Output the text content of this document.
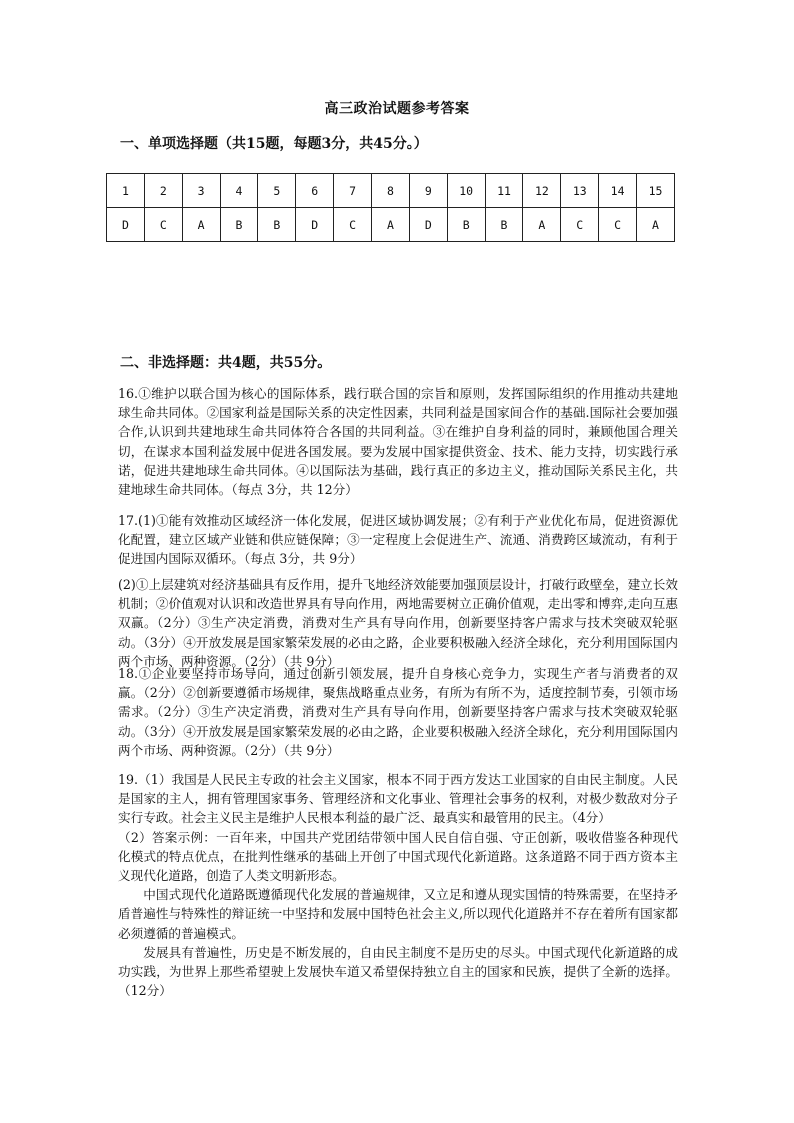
高三政治试题参考答案
一、单项选择题（共15题，每题3分，共45分。）
1	2	3	4	5	6	7	8	9	10	11	12	13	14	15
D	C	A	B	B	D	C	A	D	B	B	A	C	C	A
二、非选择题：共4题，共55分。

16.①维护以联合国为核心的国际体系，践行联合国的宗旨和原则，发挥国际组织的作用推动共建地球生命共同体。②国家利益是国际关系的决定性因素，共同利益是国家间合作的基础.国际社会要加强合作,认识到共建地球生命共同体符合各国的共同利益。③在维护自身利益的同时，兼顾他国合理关切，在谋求本国利益发展中促进各国发展。要为发展中国家提供资金、技术、能力支持，切实践行承诺，促进共建地球生命共同体。④以国际法为基础，践行真正的多边主义，推动国际关系民主化，共建地球生命共同体。（每点 3分，共 12分）

17.(1)①能有效推动区域经济一体化发展，促进区域协调发展；②有利于产业优化布局，促进资源优化配置，建立区域产业链和供应链保障；③一定程度上会促进生产、流通、消费跨区域流动，有利于促进国内国际双循环。（每点 3分，共 9分）

(2)①上层建筑对经济基础具有反作用，提升飞地经济效能要加强顶层设计，打破行政壁垒，建立长效机制；②价值观对认识和改造世界具有导向作用，两地需要树立正确价值观，走出零和博弈,走向互惠双赢。（2分）③生产决定消费，消费对生产具有导向作用，创新要坚持客户需求与技术突破双轮驱动。（3分）④开放发展是国家繁荣发展的必由之路，企业要积极融入经济全球化，充分利用国际国内两个市场、两种资源。（2分）（共 9分）

18.①企业要坚持市场导向，通过创新引领发展，提升自身核心竞争力，实现生产者与消费者的双赢。（2分）②创新要遵循市场规律，聚焦战略重点业务，有所为有所不为，适度控制节奏，引领市场需求。（2分）③生产决定消费，消费对生产具有导向作用，创新要坚持客户需求与技术突破双轮驱动。（3分）④开放发展是国家繁荣发展的必由之路，企业要积极融入经济全球化，充分利用国际国内两个市场、两种资源。（2分）（共 9分）

19.（1）我国是人民民主专政的社会主义国家，根本不同于西方发达工业国家的自由民主制度。人民是国家的主人，拥有管理国家事务、管理经济和文化事业、管理社会事务的权利，对极少数敌对分子实行专政。社会主义民主是维护人民根本利益的最广泛、最真实和最管用的民主。（4分）

（2）答案示例：一百年来，中国共产党团结带领中国人民自信自强、守正创新，吸收借鉴各种现代化模式的特点优点，在批判性继承的基础上开创了中国式现代化新道路。这条道路不同于西方资本主义现代化道路，创造了人类文明新形态。

中国式现代化道路既遵循现代化发展的普遍规律，又立足和遵从现实国情的特殊需要，在坚持矛盾普遍性与特殊性的辩证统一中坚持和发展中国特色社会主义,所以现代化道路并不存在着所有国家都必须遵循的普遍模式。

发展具有普遍性，历史是不断发展的，自由民主制度不是历史的尽头。中国式现代化新道路的成功实践，为世界上那些希望驶上发展快车道又希望保持独立自主的国家和民族，提供了全新的选择。（12分）
